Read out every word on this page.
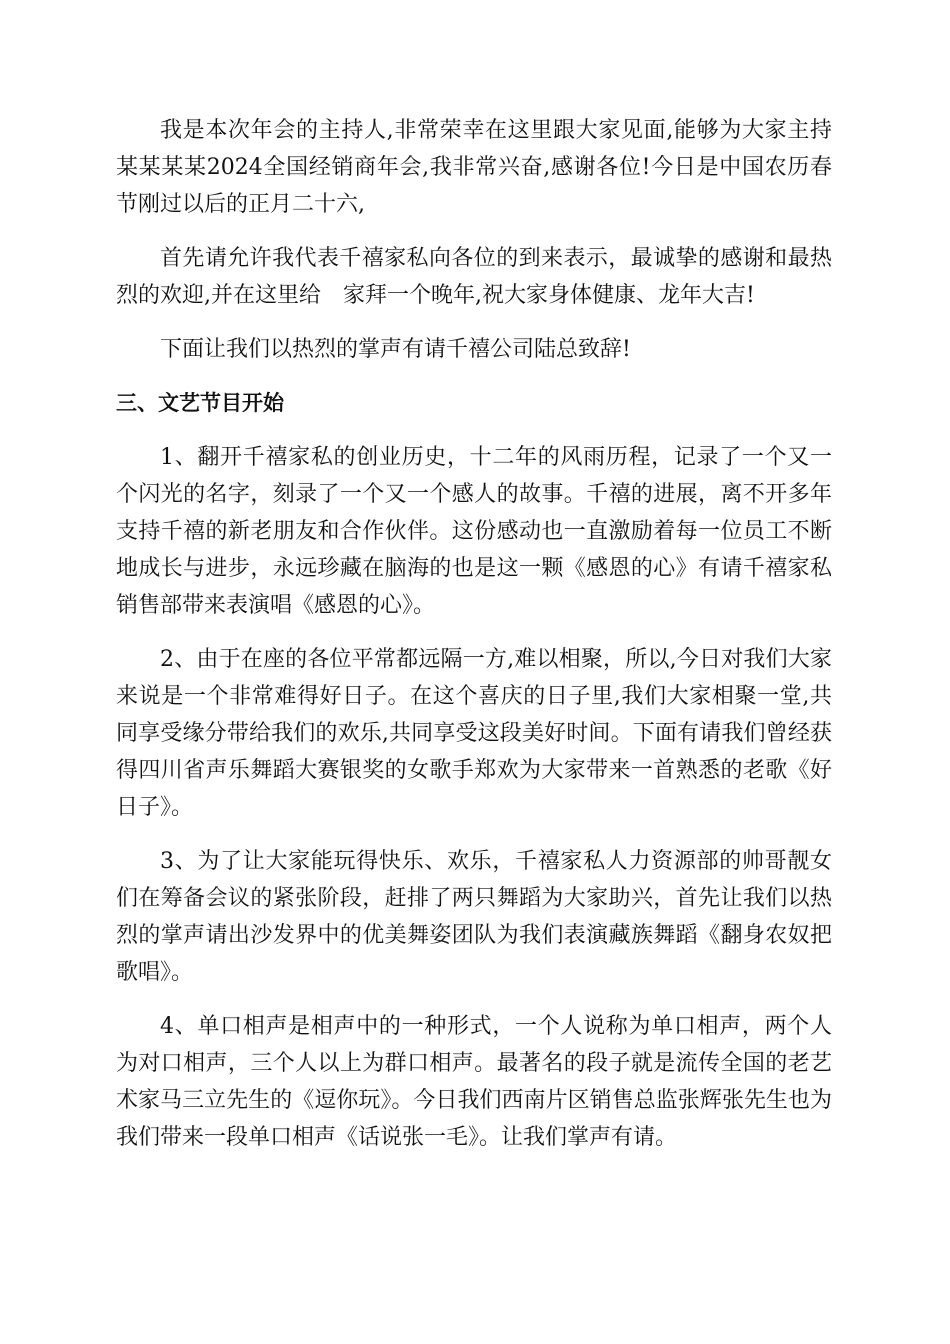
我是本次年会的主持人,非常荣幸在这里跟大家见面,能够为大家主持某某某某2024全国经销商年会,我非常兴奋,感谢各位!今日是中国农历春节刚过以后的正月二十六,

首先请允许我代表千禧家私向各位的到来表示，最诚挚的感谢和最热烈的欢迎,并在这里给　家拜一个晚年,祝大家身体健康、龙年大吉!

下面让我们以热烈的掌声有请千禧公司陆总致辞!

三、文艺节目开始

1、翻开千禧家私的创业历史，十二年的风雨历程，记录了一个又一个闪光的名字，刻录了一个又一个感人的故事。千禧的进展，离不开多年支持千禧的新老朋友和合作伙伴。这份感动也一直激励着每一位员工不断地成长与进步，永远珍藏在脑海的也是这一颗《感恩的心》有请千禧家私销售部带来表演唱《感恩的心》。

2、由于在座的各位平常都远隔一方,难以相聚，所以,今日对我们大家来说是一个非常难得好日子。在这个喜庆的日子里,我们大家相聚一堂,共同享受缘分带给我们的欢乐,共同享受这段美好时间。下面有请我们曾经获得四川省声乐舞蹈大赛银奖的女歌手郑欢为大家带来一首熟悉的老歌《好日子》。

3、为了让大家能玩得快乐、欢乐，千禧家私人力资源部的帅哥靓女们在筹备会议的紧张阶段，赶排了两只舞蹈为大家助兴，首先让我们以热烈的掌声请出沙发界中的优美舞姿团队为我们表演藏族舞蹈《翻身农奴把歌唱》。

4、单口相声是相声中的一种形式，一个人说称为单口相声，两个人为对口相声，三个人以上为群口相声。最著名的段子就是流传全国的老艺术家马三立先生的《逗你玩》。今日我们西南片区销售总监张辉张先生也为我们带来一段单口相声《话说张一毛》。让我们掌声有请。
